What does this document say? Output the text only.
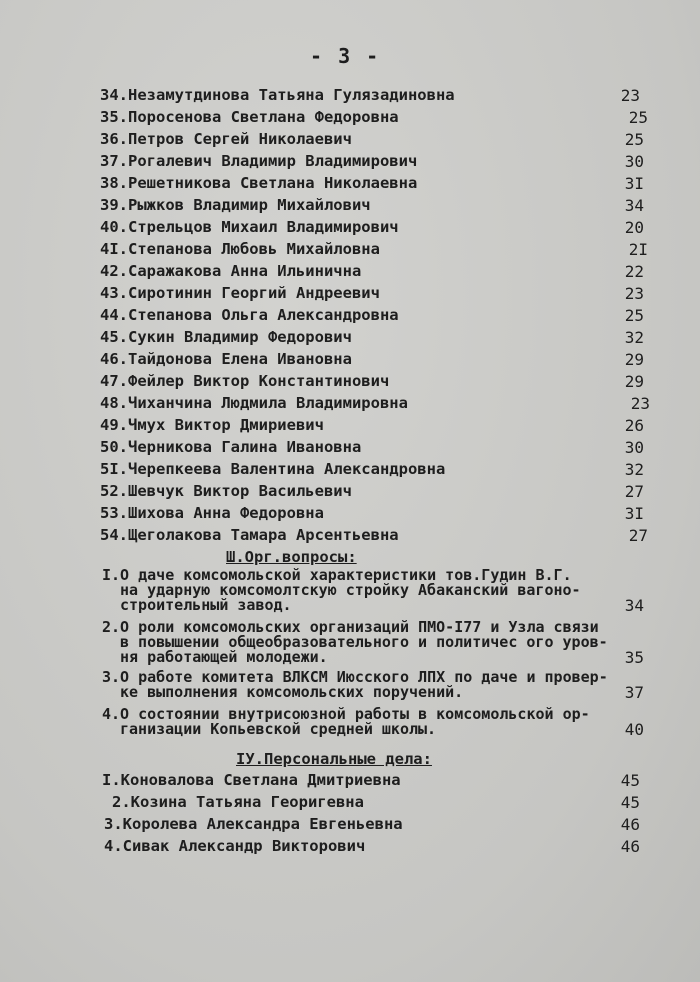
- 3 -
34.Незамутдинова Татьяна Гулязадиновна	23
35.Поросенова Светлана Федоровна	25
36.Петров Сергей Николаевич	25
37.Рогалевич Владимир Владимирович	30
38.Решетникова Светлана Николаевна	3I
39.Рыжков Владимир Михайлович	34
40.Стрельцов Михаил Владимирович	20
4I.Степанова Любовь Михайловна	2I
42.Саражакова Анна Ильинична	22
43.Сиротинин Георгий Андреевич	23
44.Степанова Ольга Александровна	25
45.Сукин Владимир Федорович	32
46.Тайдонова Елена Ивановна	29
47.Фейлер Виктор Константинович	29
48.Чиханчина Людмила Владимировна	23
49.Чмух Виктор Дмириевич	26
50.Черникова Галина Ивановна	30
5I.Черепкеева Валентина Александровна	32
52.Шевчук Виктор Васильевич	27
53.Шихова Анна Федоровна	3I
54.Щеголакова Тамара Арсентьевна	27
Ш.Орг.вопросы:
I.О даче комсомольской характеристики тов.Гудин В.Г.
на ударную комсомолтскую стройку Абаканский вагоно-
строительный завод.	34
2.О роли комсомольских организаций ПМО-I77 и Узла связи
в повышении общеобразовательного и политичес ого уров-
ня работающей молодежи.	35
3.О работе комитета ВЛКСМ Июсского ЛПХ по даче и провер-
ке выполнения комсомольских поручений.	37
4.О состоянии внутрисоюзной работы в комсомольской ор-
ганизации Копьевской средней школы.	40
IУ.Персональные дела:
I.Коновалова Светлана Дмитриевна	45
2.Козина Татьяна Георигевна	45
3.Королева Александра Евгеньевна	46
4.Сивак Александр Викторович	46
